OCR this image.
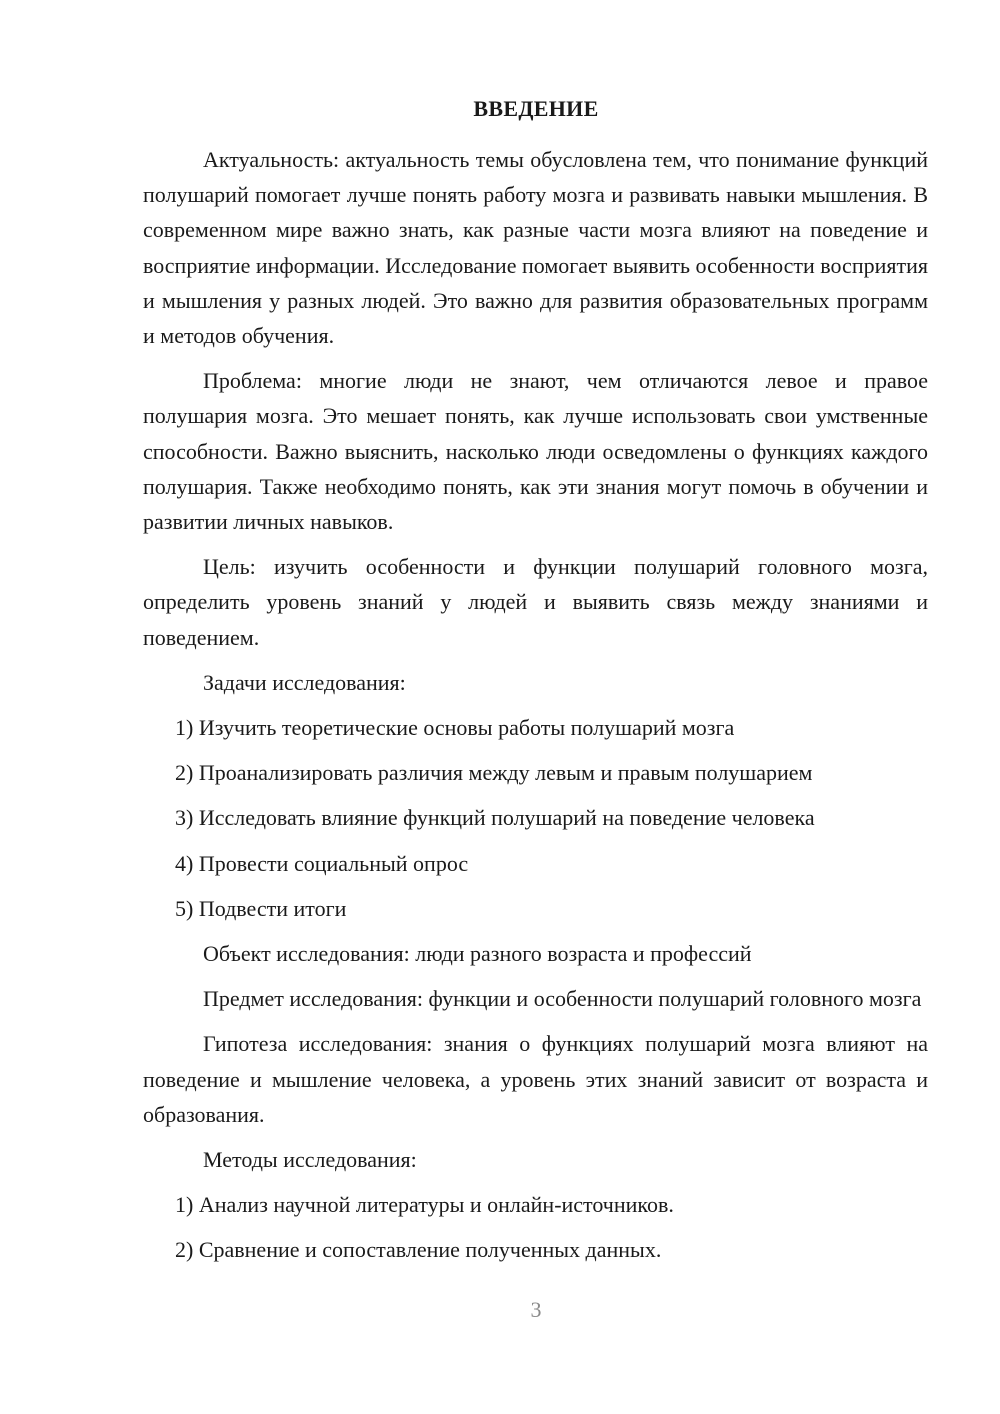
ВВЕДЕНИЕ

Актуальность: актуальность темы обусловлена тем, что понимание функций полушарий помогает лучше понять работу мозга и развивать навыки мышления. В современном мире важно знать, как разные части мозга влияют на поведение и восприятие информации. Исследование помогает выявить особенности восприятия и мышления у разных людей. Это важно для развития образовательных программ и методов обучения.

Проблема: многие люди не знают, чем отличаются левое и правое полушария мозга. Это мешает понять, как лучше использовать свои умственные способности. Важно выяснить, насколько люди осведомлены о функциях каждого полушария. Также необходимо понять, как эти знания могут помочь в обучении и развитии личных навыков.

Цель: изучить особенности и функции полушарий головного мозга, определить уровень знаний у людей и выявить связь между знаниями и поведением.

Задачи исследования:

1) Изучить теоретические основы работы полушарий мозга
2) Проанализировать различия между левым и правым полушарием
3) Исследовать влияние функций полушарий на поведение человека
4) Провести социальный опрос
5) Подвести итоги

Объект исследования: люди разного возраста и профессий

Предмет исследования: функции и особенности полушарий головного мозга

Гипотеза исследования: знания о функциях полушарий мозга влияют на поведение и мышление человека, а уровень этих знаний зависит от возраста и образования.

Методы исследования:

1) Анализ научной литературы и онлайн-источников.
2) Сравнение и сопоставление полученных данных.
3
